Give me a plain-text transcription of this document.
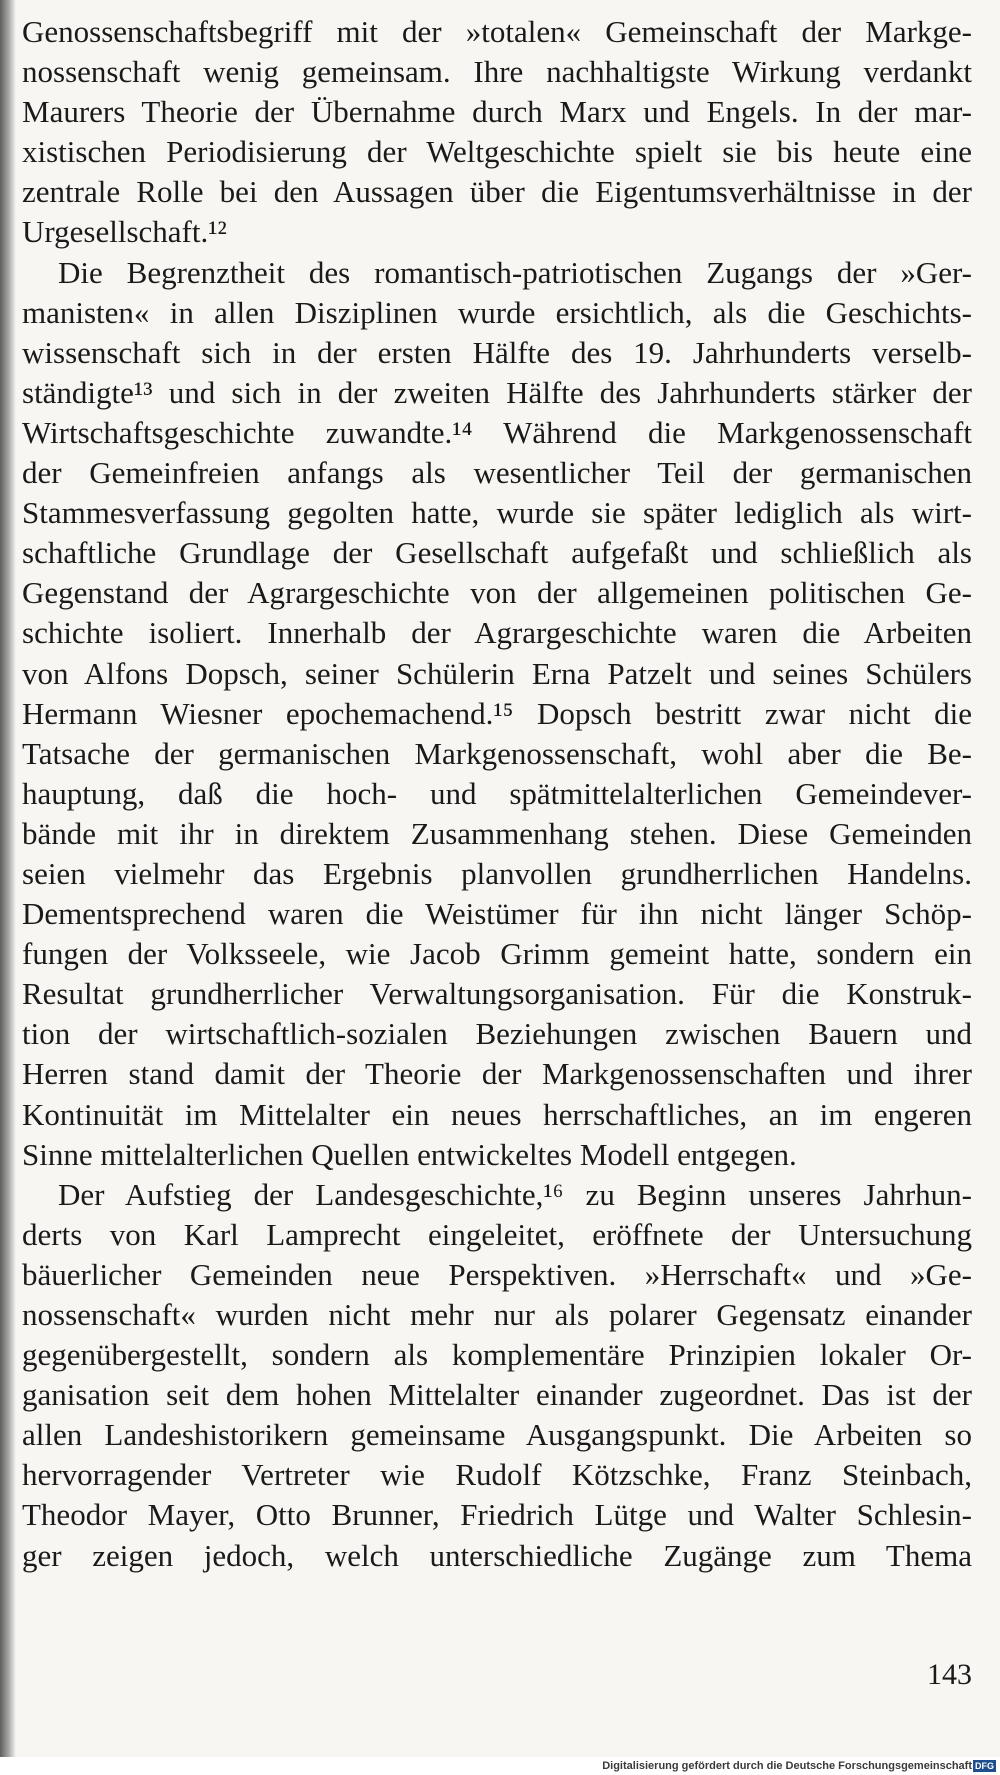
Genossenschaftsbegriff mit der »totalen« Gemeinschaft der Markge-
nossenschaft wenig gemeinsam. Ihre nachhaltigste Wirkung verdankt
Maurers Theorie der Übernahme durch Marx und Engels. In der mar-
xistischen Periodisierung der Weltgeschichte spielt sie bis heute eine
zentrale Rolle bei den Aussagen über die Eigentumsverhältnisse in der
Urgesellschaft.¹²
Die Begrenztheit des romantisch-patriotischen Zugangs der »Ger-
manisten« in allen Disziplinen wurde ersichtlich, als die Geschichts-
wissenschaft sich in der ersten Hälfte des 19. Jahrhunderts verselb-
ständigte¹³ und sich in der zweiten Hälfte des Jahrhunderts stärker der
Wirtschaftsgeschichte zuwandte.¹⁴ Während die Markgenossenschaft
der Gemeinfreien anfangs als wesentlicher Teil der germanischen
Stammesverfassung gegolten hatte, wurde sie später lediglich als wirt-
schaftliche Grundlage der Gesellschaft aufgefaßt und schließlich als
Gegenstand der Agrargeschichte von der allgemeinen politischen Ge-
schichte isoliert. Innerhalb der Agrargeschichte waren die Arbeiten
von Alfons Dopsch, seiner Schülerin Erna Patzelt und seines Schülers
Hermann Wiesner epochemachend.¹⁵ Dopsch bestritt zwar nicht die
Tatsache der germanischen Markgenossenschaft, wohl aber die Be-
hauptung, daß die hoch- und spätmittelalterlichen Gemeindever-
bände mit ihr in direktem Zusammenhang stehen. Diese Gemeinden
seien vielmehr das Ergebnis planvollen grundherrlichen Handelns.
Dementsprechend waren die Weistümer für ihn nicht länger Schöp-
fungen der Volksseele, wie Jacob Grimm gemeint hatte, sondern ein
Resultat grundherrlicher Verwaltungsorganisation. Für die Konstruk-
tion der wirtschaftlich-sozialen Beziehungen zwischen Bauern und
Herren stand damit der Theorie der Markgenossenschaften und ihrer
Kontinuität im Mittelalter ein neues herrschaftliches, an im engeren
Sinne mittelalterlichen Quellen entwickeltes Modell entgegen.
Der Aufstieg der Landesgeschichte,¹⁶ zu Beginn unseres Jahrhun-
derts von Karl Lamprecht eingeleitet, eröffnete der Untersuchung
bäuerlicher Gemeinden neue Perspektiven. »Herrschaft« und »Ge-
nossenschaft« wurden nicht mehr nur als polarer Gegensatz einander
gegenübergestellt, sondern als komplementäre Prinzipien lokaler Or-
ganisation seit dem hohen Mittelalter einander zugeordnet. Das ist der
allen Landeshistorikern gemeinsame Ausgangspunkt. Die Arbeiten so
hervorragender Vertreter wie Rudolf Kötzschke, Franz Steinbach,
Theodor Mayer, Otto Brunner, Friedrich Lütge und Walter Schlesin-
ger zeigen jedoch, welch unterschiedliche Zugänge zum Thema
143
Digitalisierung gefördert durch die Deutsche Forschungsgemeinschaft DFG
